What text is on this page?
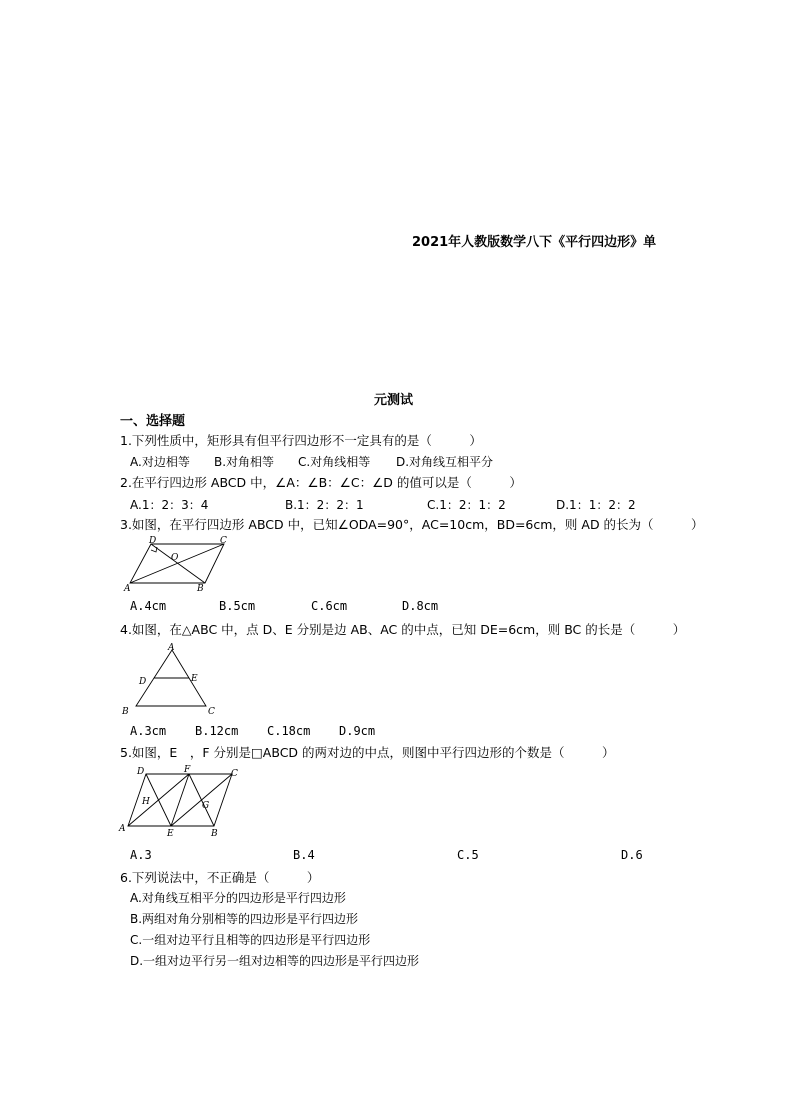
2021年人教版数学八下《平行四边形》单
元测试
一、选择题
1.下列性质中，矩形具有但平行四边形不一定具有的是（　　　）
A.对边相等 B.对角相等 C.对角线相等 D.对角线互相平分
2.在平行四边形 ABCD 中，∠A：∠B：∠C：∠D 的值可以是（　　　）
A.1：2：3：4	B.1：2：2：1	C.1：2：1：2	D.1：1：2：2
3.如图，在平行四边形 ABCD 中，已知∠ODA=90°，AC=10cm，BD=6cm，则 AD 的长为（　　　）
D	C
O
A	B
A.4cm	B.5cm	C.6cm	D.8cm
4.如图，在△ABC 中，点 D、E 分别是边 AB、AC 的中点，已知 DE=6cm，则 BC 的长是（　　　）
A
D	E
B	C
A.3cm B.12cm C.18cm D.9cm
5.如图，E　，F 分别是□ABCD 的两对边的中点，则图中平行四边形的个数是（　　　）
D	F	C
H	G
A	E	B
A.3	B.4	C.5	D.6
6.下列说法中，不正确是（　　　）
A.对角线互相平分的四边形是平行四边形
B.两组对角分别相等的四边形是平行四边形
C.一组对边平行且相等的四边形是平行四边形
D.一组对边平行另一组对边相等的四边形是平行四边形
